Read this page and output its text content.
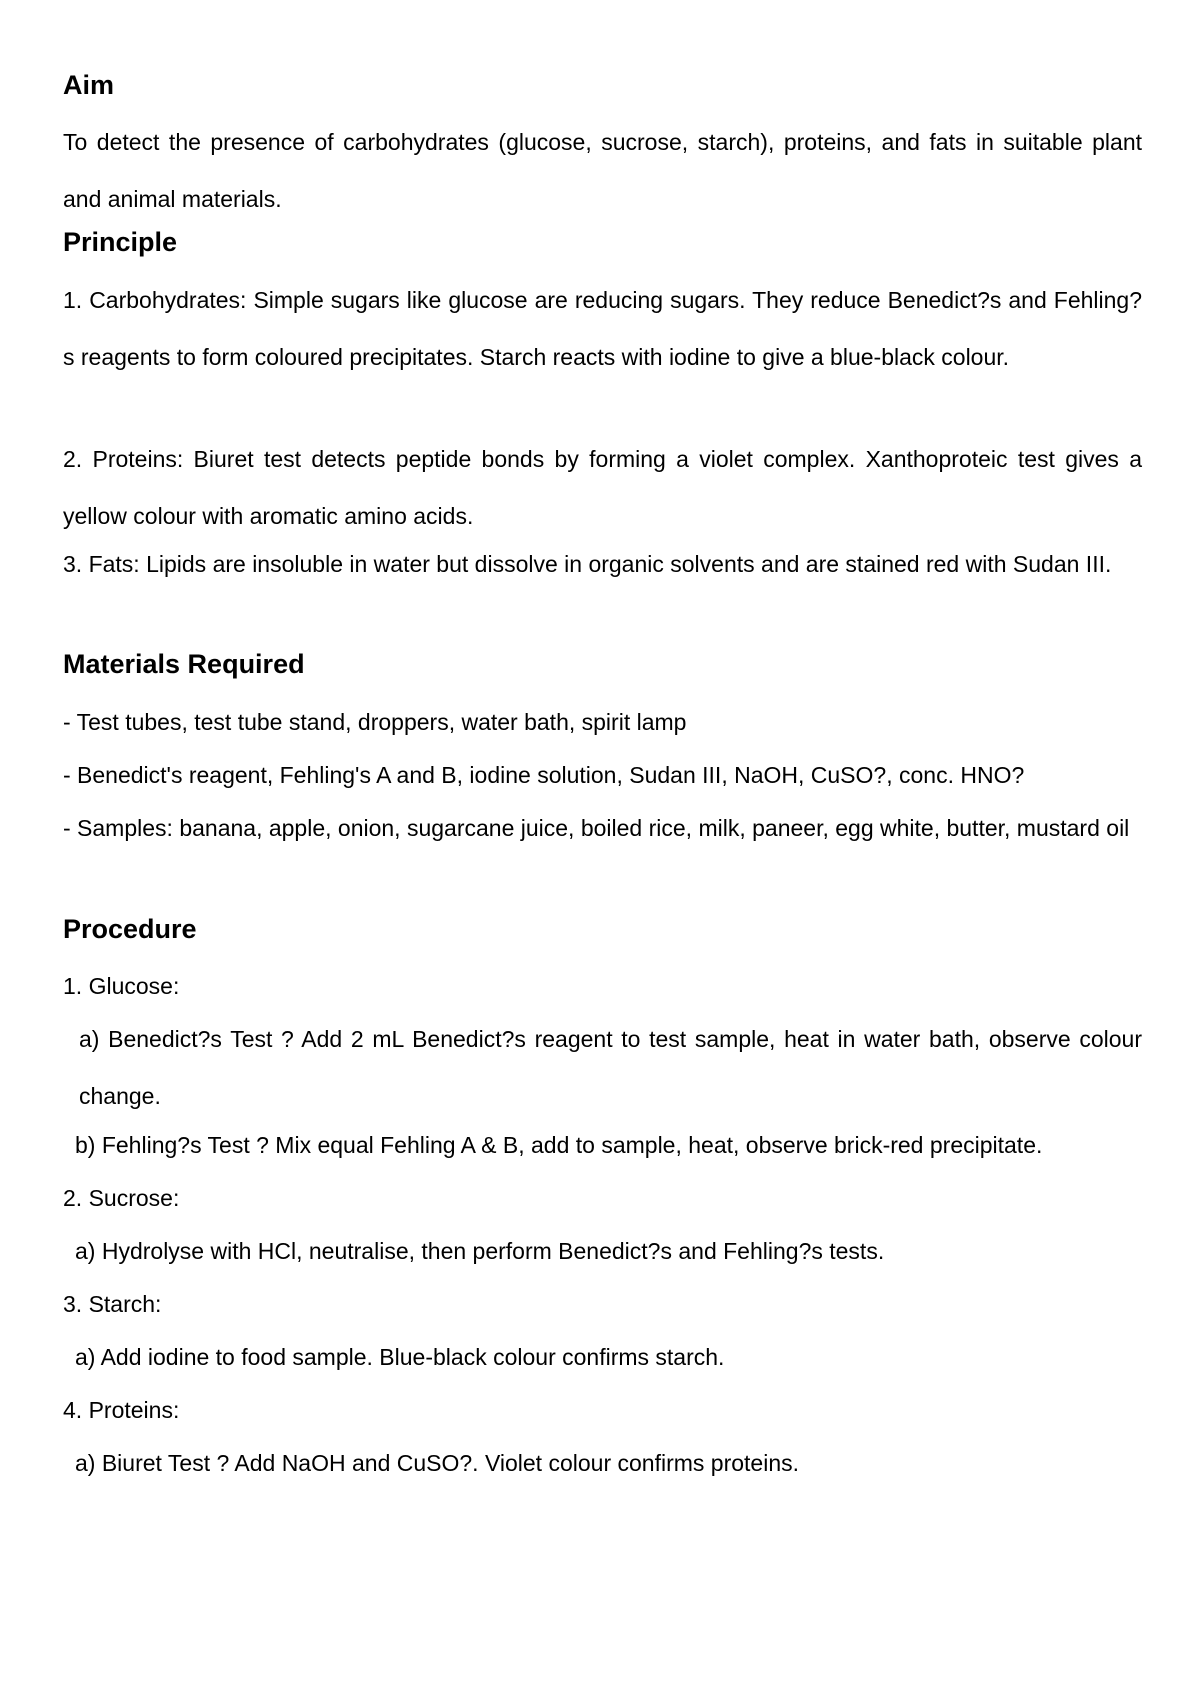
Aim

To detect the presence of carbohydrates (glucose, sucrose, starch), proteins, and fats in suitable plant and animal materials.

Principle

1. Carbohydrates: Simple sugars like glucose are reducing sugars. They reduce Benedict?s and Fehling?s reagents to form coloured precipitates. Starch reacts with iodine to give a blue-black colour.

2. Proteins: Biuret test detects peptide bonds by forming a violet complex. Xanthoproteic test gives a yellow colour with aromatic amino acids.

3. Fats: Lipids are insoluble in water but dissolve in organic solvents and are stained red with Sudan III.

Materials Required

- Test tubes, test tube stand, droppers, water bath, spirit lamp

- Benedict's reagent, Fehling's A and B, iodine solution, Sudan III, NaOH, CuSO?, conc. HNO?

- Samples: banana, apple, onion, sugarcane juice, boiled rice, milk, paneer, egg white, butter, mustard oil

Procedure

1. Glucose:

a) Benedict?s Test ? Add 2 mL Benedict?s reagent to test sample, heat in water bath, observe colour change.

b) Fehling?s Test ? Mix equal Fehling A & B, add to sample, heat, observe brick-red precipitate.

2. Sucrose:

a) Hydrolyse with HCl, neutralise, then perform Benedict?s and Fehling?s tests.

3. Starch:

a) Add iodine to food sample. Blue-black colour confirms starch.

4. Proteins:

a) Biuret Test ? Add NaOH and CuSO?. Violet colour confirms proteins.
